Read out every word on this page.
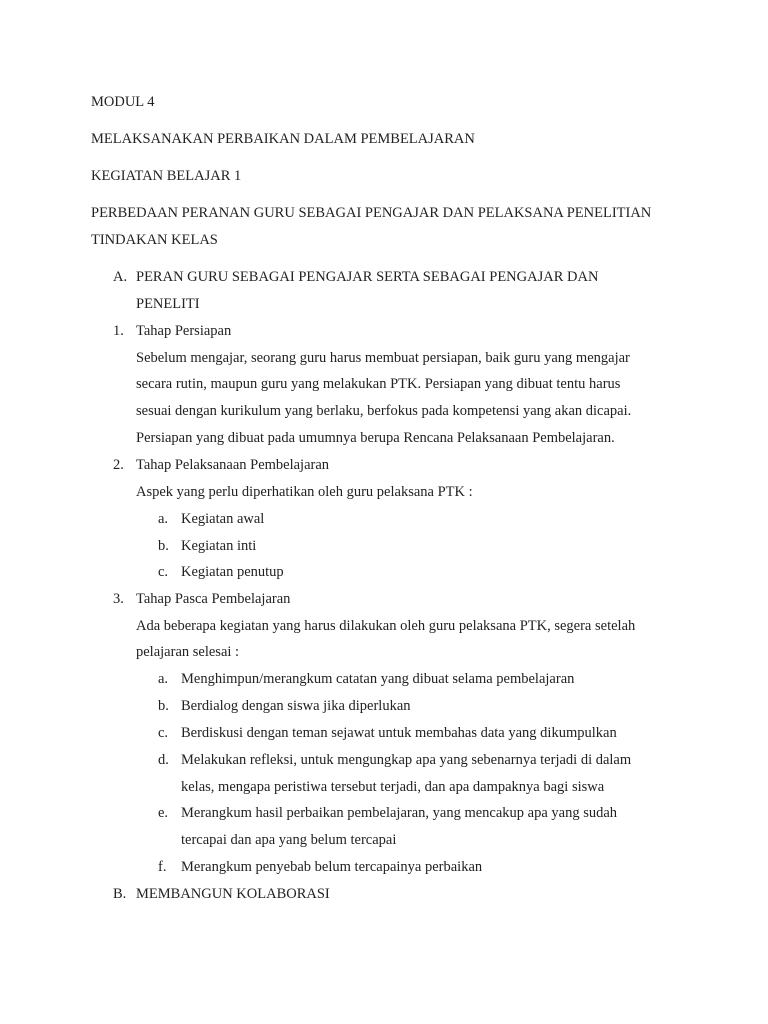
MODUL 4
MELAKSANAKAN PERBAIKAN DALAM PEMBELAJARAN
KEGIATAN BELAJAR 1
PERBEDAAN PERANAN GURU SEBAGAI PENGAJAR DAN PELAKSANA PENELITIAN
TINDAKAN KELAS
A. PERAN GURU SEBAGAI PENGAJAR SERTA SEBAGAI PENGAJAR DAN
PENELITI
1. Tahap Persiapan
Sebelum mengajar, seorang guru harus membuat persiapan, baik guru yang mengajar
secara rutin, maupun guru yang melakukan PTK. Persiapan yang dibuat tentu harus
sesuai dengan kurikulum yang berlaku, berfokus pada kompetensi yang akan dicapai.
Persiapan yang dibuat pada umumnya berupa Rencana Pelaksanaan Pembelajaran.
2. Tahap Pelaksanaan Pembelajaran
Aspek yang perlu diperhatikan oleh guru pelaksana PTK :
a. Kegiatan awal
b. Kegiatan inti
c. Kegiatan penutup
3. Tahap Pasca Pembelajaran
Ada beberapa kegiatan yang harus dilakukan oleh guru pelaksana PTK, segera setelah
pelajaran selesai :
a. Menghimpun/merangkum catatan yang dibuat selama pembelajaran
b. Berdialog dengan siswa jika diperlukan
c. Berdiskusi dengan teman sejawat untuk membahas data yang dikumpulkan
d. Melakukan refleksi, untuk mengungkap apa yang sebenarnya terjadi di dalam
kelas, mengapa peristiwa tersebut terjadi, dan apa dampaknya bagi siswa
e. Merangkum hasil perbaikan pembelajaran, yang mencakup apa yang sudah
tercapai dan apa yang belum tercapai
f. Merangkum penyebab belum tercapainya perbaikan
B. MEMBANGUN KOLABORASI
